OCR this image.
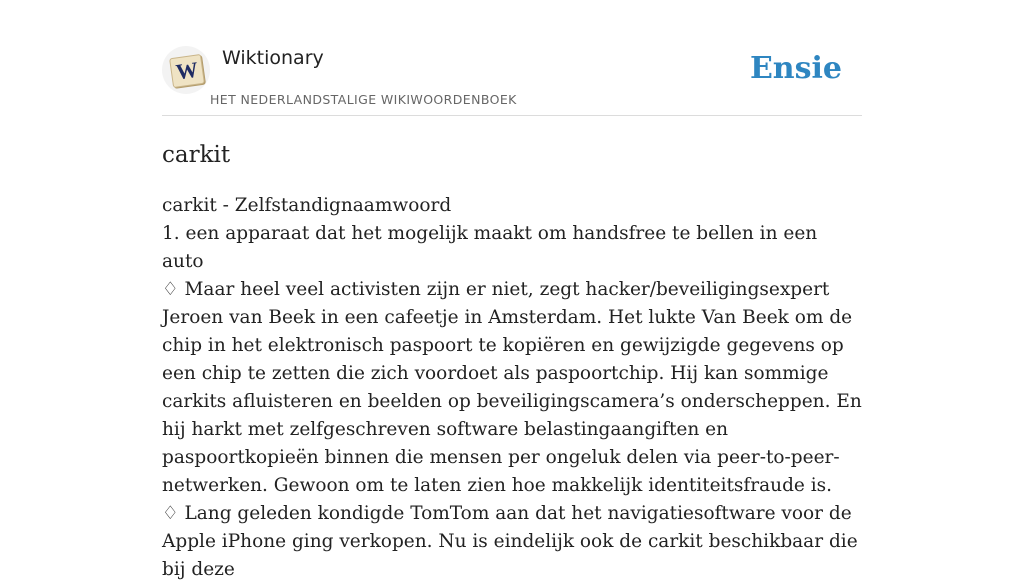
W Wiktionary
HET NEDERLANDSTALIGE WIKIWOORDENBOEK
Ensie
carkit
carkit - Zelfstandignaamwoord
1. een apparaat dat het mogelijk maakt om handsfree te bellen in een auto
♢ Maar heel veel activisten zijn er niet, zegt hacker/beveiligingsexpert Jeroen van Beek in een cafeetje in Amsterdam. Het lukte Van Beek om de chip in het elektronisch paspoort te kopiëren en gewijzigde gegevens op een chip te zetten die zich voordoet als paspoortchip. Hij kan sommige carkits afluisteren en beelden op beveiligingscamera’s onderscheppen. En hij harkt met zelfgeschreven software belastingaangiften en paspoortkopieën binnen die mensen per ongeluk delen via peer-to-peer-netwerken. Gewoon om te laten zien hoe makkelijk identiteitsfraude is.
♢ Lang geleden kondigde TomTom aan dat het navigatiesoftware voor de Apple iPhone ging verkopen. Nu is eindelijk ook de carkit beschikbaar die bij deze
